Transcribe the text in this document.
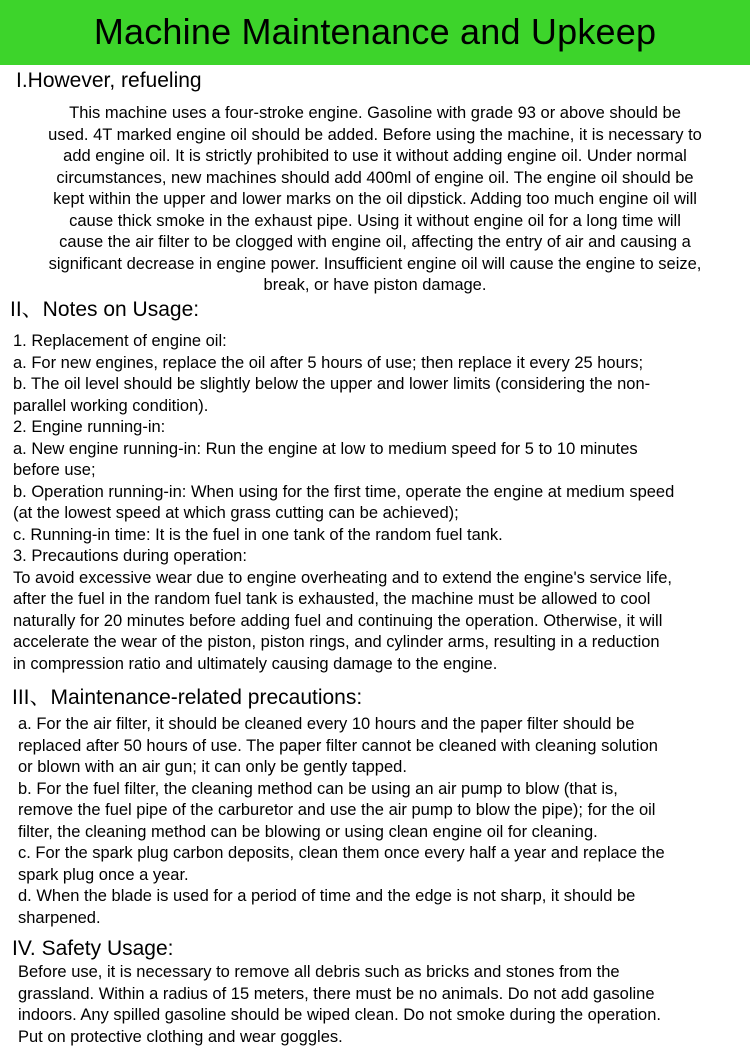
Machine Maintenance and Upkeep
I.However, refueling
This machine uses a four-stroke engine. Gasoline with grade 93 or above should be
used. 4T marked engine oil should be added. Before using the machine, it is necessary to
add engine oil. It is strictly prohibited to use it without adding engine oil. Under normal
circumstances, new machines should add 400ml of engine oil. The engine oil should be
kept within the upper and lower marks on the oil dipstick. Adding too much engine oil will
cause thick smoke in the exhaust pipe. Using it without engine oil for a long time will
cause the air filter to be clogged with engine oil, affecting the entry of air and causing a
significant decrease in engine power. Insufficient engine oil will cause the engine to seize,
break, or have piston damage.
II、Notes on Usage:
1. Replacement of engine oil:
a. For new engines, replace the oil after 5 hours of use; then replace it every 25 hours;
b. The oil level should be slightly below the upper and lower limits (considering the non-
parallel working condition).
2. Engine running-in:
a. New engine running-in: Run the engine at low to medium speed for 5 to 10 minutes
before use;
b. Operation running-in: When using for the first time, operate the engine at medium speed
(at the lowest speed at which grass cutting can be achieved);
c. Running-in time: It is the fuel in one tank of the random fuel tank.
3. Precautions during operation:
To avoid excessive wear due to engine overheating and to extend the engine's service life,
after the fuel in the random fuel tank is exhausted, the machine must be allowed to cool
naturally for 20 minutes before adding fuel and continuing the operation. Otherwise, it will
accelerate the wear of the piston, piston rings, and cylinder arms, resulting in a reduction
in compression ratio and ultimately causing damage to the engine.
III、Maintenance-related precautions:
a. For the air filter, it should be cleaned every 10 hours and the paper filter should be
replaced after 50 hours of use. The paper filter cannot be cleaned with cleaning solution
or blown with an air gun; it can only be gently tapped.
b. For the fuel filter, the cleaning method can be using an air pump to blow (that is,
remove the fuel pipe of the carburetor and use the air pump to blow the pipe); for the oil
filter, the cleaning method can be blowing or using clean engine oil for cleaning.
c. For the spark plug carbon deposits, clean them once every half a year and replace the
spark plug once a year.
d. When the blade is used for a period of time and the edge is not sharp, it should be
sharpened.
IV. Safety Usage:
Before use, it is necessary to remove all debris such as bricks and stones from the
grassland. Within a radius of 15 meters, there must be no animals. Do not add gasoline
indoors. Any spilled gasoline should be wiped clean. Do not smoke during the operation.
Put on protective clothing and wear goggles.
